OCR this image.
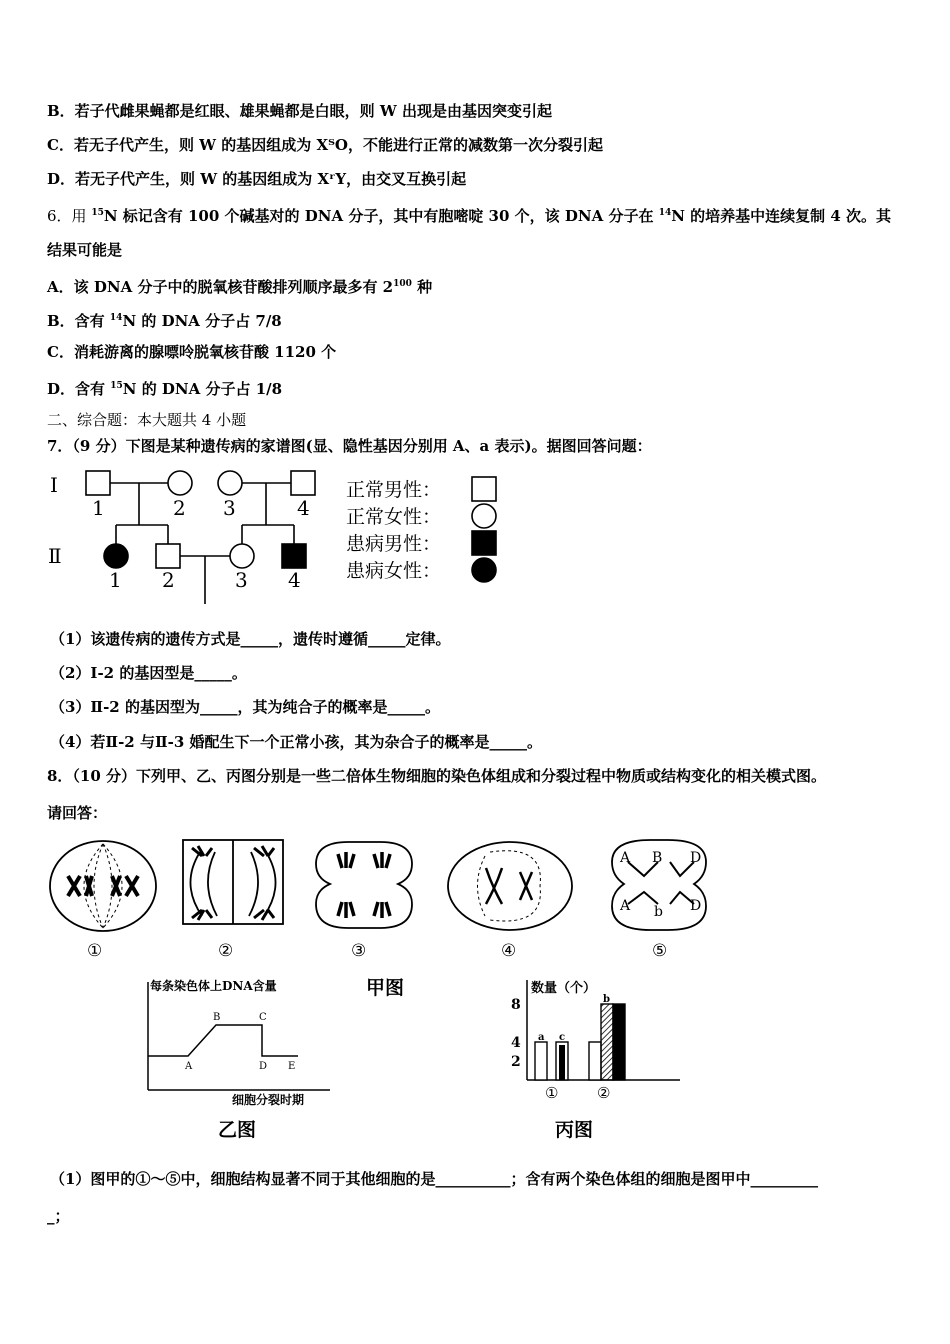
B．若子代雌果蝇都是红眼、雄果蝇都是白眼，则 W 出现是由基因突变引起
C．若无子代产生，则 W 的基因组成为 XᵀO，不能进行正常的减数第一次分裂引起
D．若无子代产生，则 W 的基因组成为 XʳY，由交叉互换引起
6．用 $^{15}$N 标记含有 100 个碱基对的 DNA 分子，其中有胞嘧啶 30 个，该 DNA 分子在 $^{14}$N 的培养基中连续复制 4 次。其
结果可能是
A．该 DNA 分子中的脱氧核苷酸排列顺序最多有 $2^{100}$ 种
B．含有 $^{14}$N 的 DNA 分子占 7/8
C．消耗游离的腺嘌呤脱氧核苷酸 1120 个
D．含有 $^{15}$N 的 DNA 分子占 1/8
二、综合题：本大题共 4 小题
7．（9 分）下图是某种遗传病的家谱图(显、隐性基因分别用 A、a 表示)。据图回答问题：
Ⅰ
Ⅱ
1	2 3	4
1 2	3 4
正常男性：
正常女性：
患病男性：
患病女性：
（1）该遗传病的遗传方式是_____，遗传时遵循_____定律。
（2）Ⅰ-2 的基因型是_____。
（3）Ⅱ-2 的基因型为_____，其为纯合子的概率是_____。
（4）若Ⅱ-2 与Ⅱ-3 婚配生下一个正常小孩，其为杂合子的概率是_____。
8．（10 分）下列甲、乙、丙图分别是一些二倍体生物细胞的染色体组成和分裂过程中物质或结构变化的相关模式图。
请回答：
A B D
A b D
①	②	③	④	⑤
甲图
每条染色体上DNA含量
细胞分裂时期
A
B	C
D E
乙图
数量（个）
2
4
8
a c
b
①	②
丙图
（1）图甲的①～⑤中，细胞结构显著不同于其他细胞的是__________；含有两个染色体组的细胞是图甲中_________
_；
